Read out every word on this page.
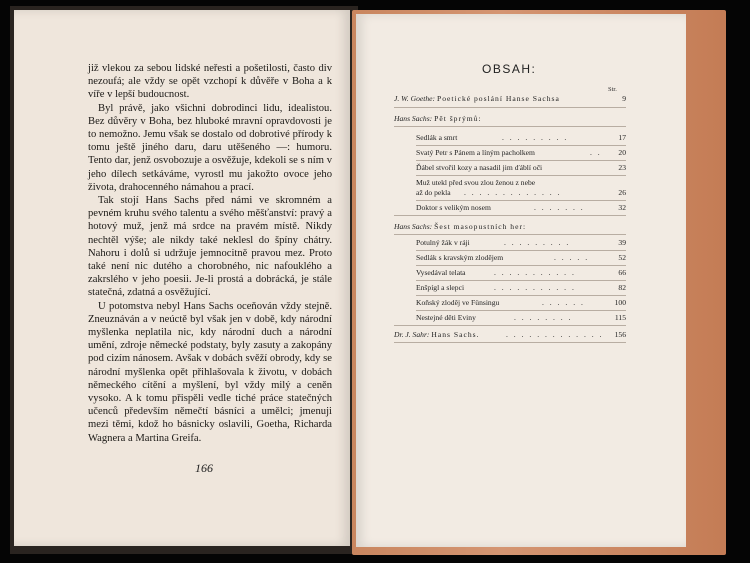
již vlekou za sebou lidské neřesti a pošetilosti, často div nezoufá; ale vždy se opět vzchopí k důvěře v Boha a k víře v lepší budoucnost.

Byl právě, jako všichni dobrodinci lidu, idealistou. Bez důvěry v Boha, bez hluboké mravní opravdovosti je to nemožno. Jemu však se dostalo od dobrotivé přírody k tomu ještě jiného daru, daru utěšeného —: humoru. Tento dar, jenž osvobozuje a osvěžuje, kdekoli se s ním v jeho dílech setkáváme, vyrostl mu jakožto ovoce jeho života, drahocenného námahou a prací.

Tak stojí Hans Sachs před námi ve skromném a pevném kruhu svého talentu a svého měšťanství: pravý a hotový muž, jenž má srdce na pravém místě. Nikdy nechtěl výše; ale nikdy také neklesl do špíny chátry. Nahoru i dolů si udržuje jemnocitně pravou mez. Proto také není nic dutého a chorobného, nic nafouklého a zakrslého v jeho poesii. Je-li prostá a dobrácká, je stále statečná, zdatná a osvěžující.

U potomstva nebyl Hans Sachs oceňován vždy stejně. Zneuznáván a v neúctě byl však jen v době, kdy národní myšlenka neplatila nic, kdy národní duch a národní umění, zdroje německé podstaty, byly zasuty a zakopány pod cizím nánosem. Avšak v dobách svěží obrody, kdy se národní myšlenka opět přihlašovala k životu, v dobách německého cítění a myšlení, byl vždy milý a ceněn vysoko. A k tomu přispěli vedle tiché práce statečných učenců především němečtí básníci a umělci; jmenuji mezi těmi, kdož ho básnicky oslavili, Goetha, Richarda Wagnera a Martina Greifa.

166
OBSAH:
Str.
J. W. Goethe: Poetické poslání Hanse Sachsa	9
Hans Sachs: Pět šprýmů:
Sedlák a smrt	. . . . . . . . .	17
Svatý Petr s Pánem a líným pacholkem	. . 20
Ďábel stvořil kozy a nasadil jim ďáblí oči	23
Muž utekl před svou zlou ženou z nebe
až do pekla . . . . . . . . . . . . .	26
Doktor s velikým nosem	. . . . . . .	32
Hans Sachs: Šest masopustních her:
Potulný žák v ráji	. . . . . . . . .	39
Sedlák s kravským zlodějem	. . . . .	52
Vysedával telata	. . . . . . . . . . .	66
Enšpígl a slepci	. . . . . . . . . . .	82
Koňský zloděj ve Fünsingu	. . . . . .	100
Nestejné děti Eviny	. . . . . . . .	115
Dr. J. Sahr: Hans Sachs.	. . . . . . . . . . . . . 156
